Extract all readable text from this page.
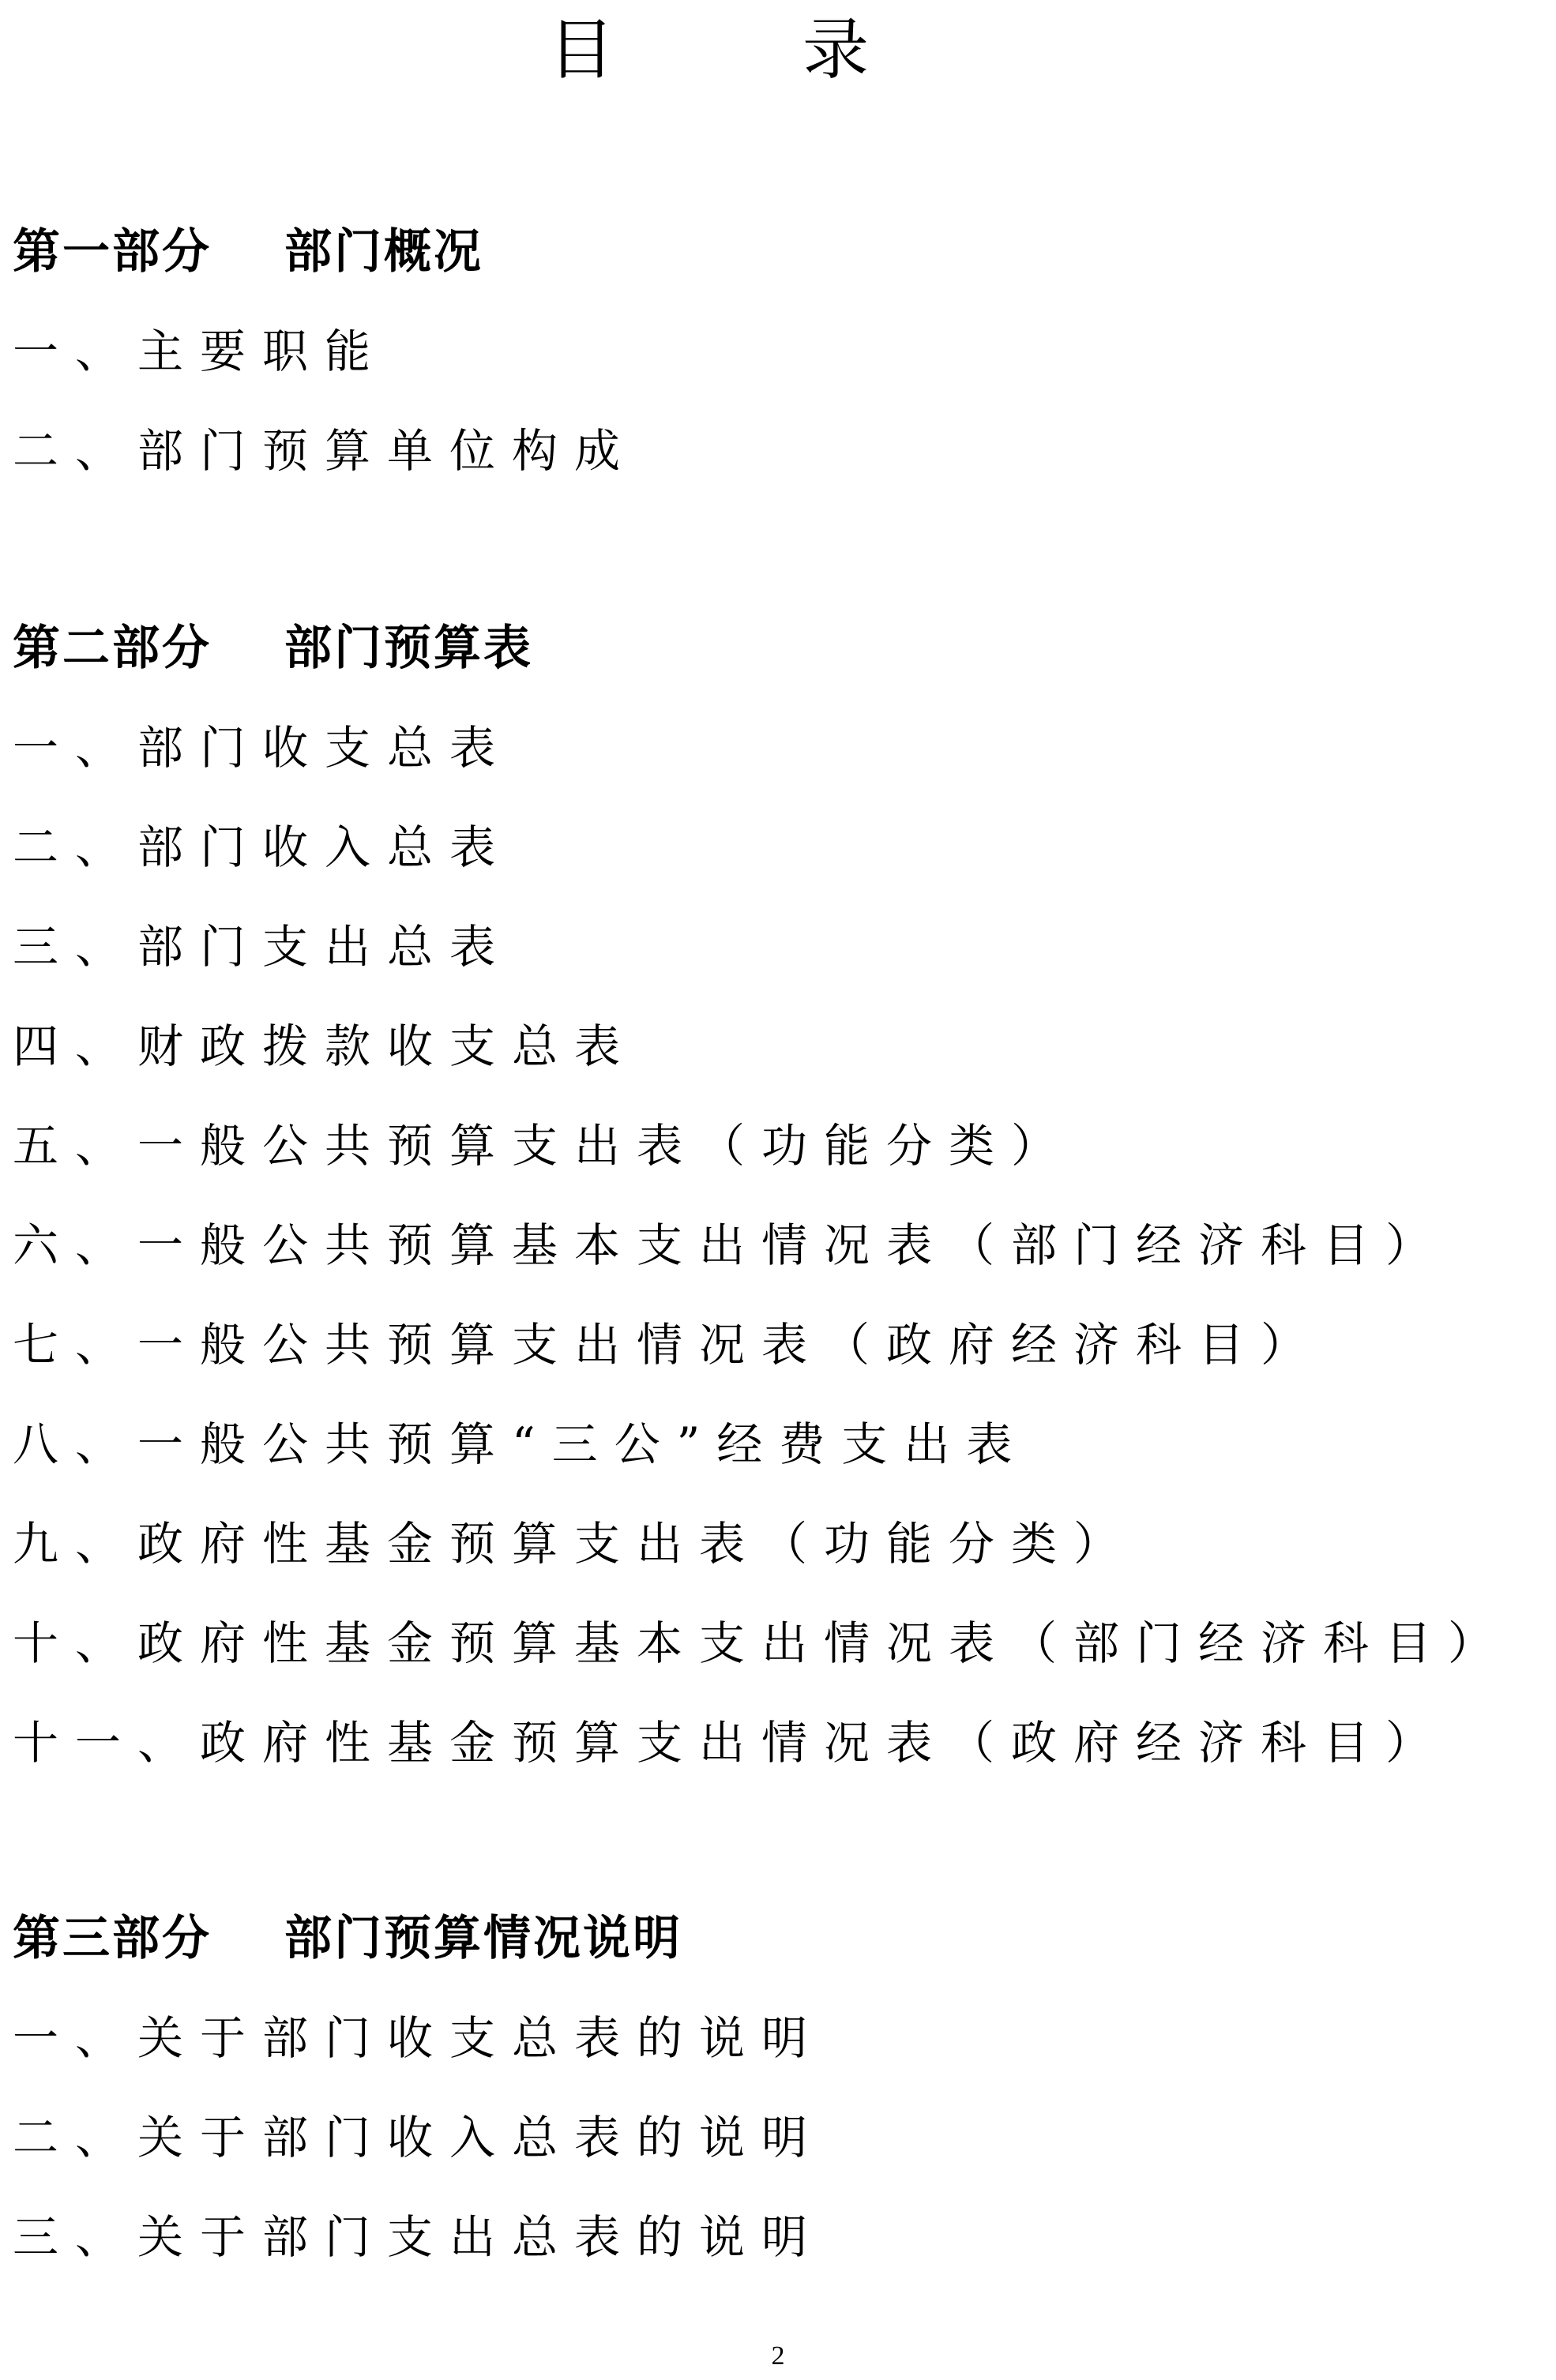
目	录
第一部分 部门概况
一、主要职能
二、部门预算单位构成
第二部分 部门预算表
一、部门收支总表
二、部门收入总表
三、部门支出总表
四、财政拨款收支总表
五、一般公共预算支出表（功能分类）
六、一般公共预算基本支出情况表（部门经济科目）
七、一般公共预算支出情况表（政府经济科目）
八、一般公共预算“三公”经费支出表
九、政府性基金预算支出表（功能分类）
十、政府性基金预算基本支出情况表（部门经济科目）
十一、政府性基金预算支出情况表（政府经济科目）
第三部分 部门预算情况说明
一、关于部门收支总表的说明
二、关于部门收入总表的说明
三、关于部门支出总表的说明
2
